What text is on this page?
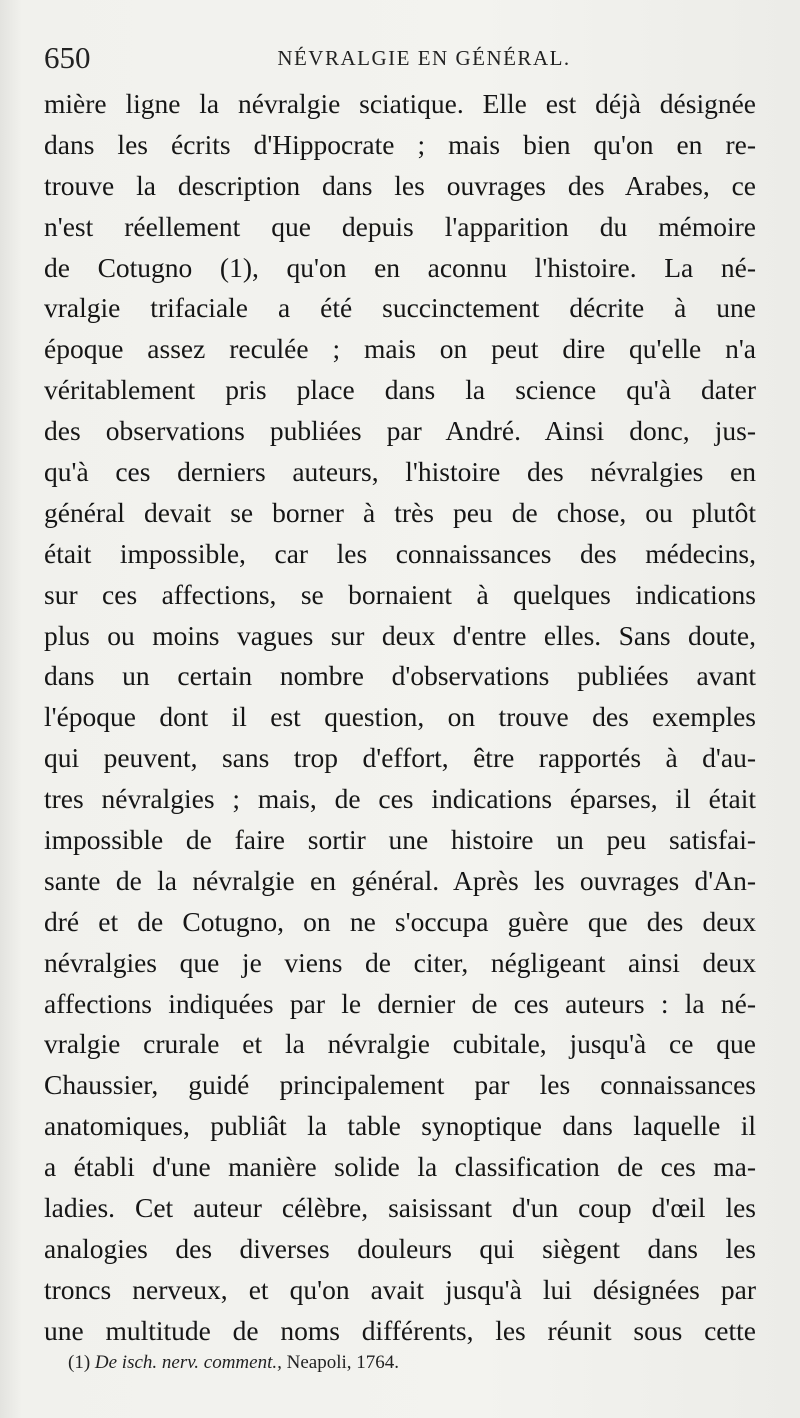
650	NÉVRALGIE EN GÉNÉRAL.
mière ligne la névralgie sciatique. Elle est déjà désignée
dans les écrits d'Hippocrate ; mais bien qu'on en re-
trouve la description dans les ouvrages des Arabes, ce
n'est réellement que depuis l'apparition du mémoire
de Cotugno (1), qu'on en aconnu l'histoire. La né-
vralgie trifaciale a été succinctement décrite à une
époque assez reculée ; mais on peut dire qu'elle n'a
véritablement pris place dans la science qu'à dater
des observations publiées par André. Ainsi donc, jus-
qu'à ces derniers auteurs, l'histoire des névralgies en
général devait se borner à très peu de chose, ou plutôt
était impossible, car les connaissances des médecins,
sur ces affections, se bornaient à quelques indications
plus ou moins vagues sur deux d'entre elles. Sans doute,
dans un certain nombre d'observations publiées avant
l'époque dont il est question, on trouve des exemples
qui peuvent, sans trop d'effort, être rapportés à d'au-
tres névralgies ; mais, de ces indications éparses, il était
impossible de faire sortir une histoire un peu satisfai-
sante de la névralgie en général. Après les ouvrages d'An-
dré et de Cotugno, on ne s'occupa guère que des deux
névralgies que je viens de citer, négligeant ainsi deux
affections indiquées par le dernier de ces auteurs : la né-
vralgie crurale et la névralgie cubitale, jusqu'à ce que
Chaussier, guidé principalement par les connaissances
anatomiques, publiât la table synoptique dans laquelle il
a établi d'une manière solide la classification de ces ma-
ladies. Cet auteur célèbre, saisissant d'un coup d'œil les
analogies des diverses douleurs qui siègent dans les
troncs nerveux, et qu'on avait jusqu'à lui désignées par
une multitude de noms différents, les réunit sous cette
(1) De isch. nerv. comment., Neapoli, 1764.
